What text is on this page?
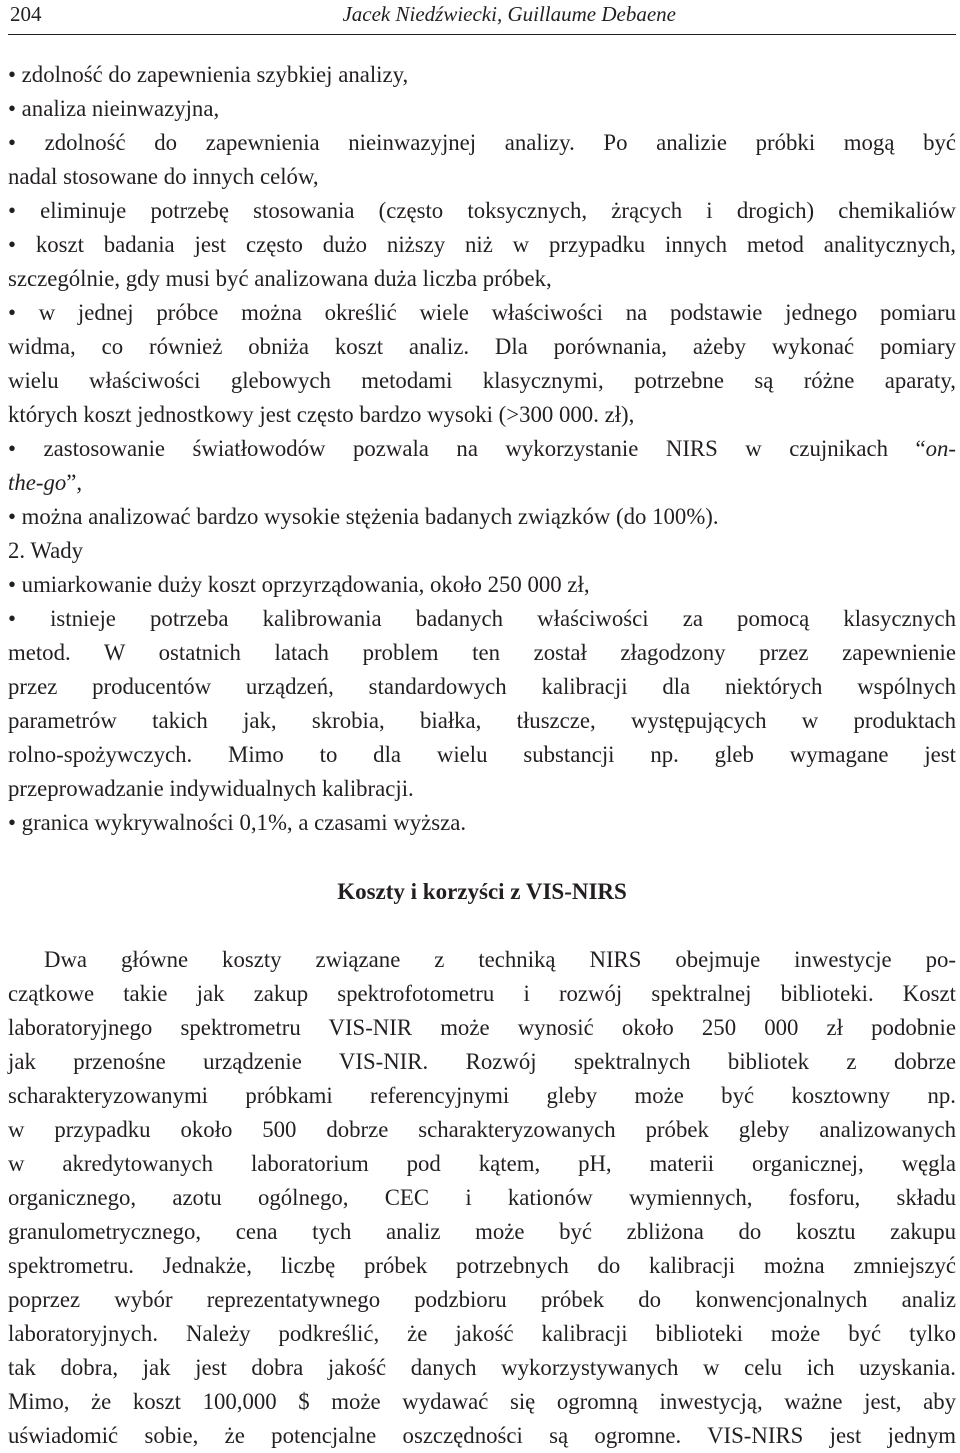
204	Jacek Niedźwiecki, Guillaume Debaene
• zdolność do zapewnienia szybkiej analizy,
• analiza nieinwazyjna,
• zdolność do zapewnienia nieinwazyjnej analizy. Po analizie próbki mogą być
nadal stosowane do innych celów,
• eliminuje potrzebę stosowania (często toksycznych, żrących i drogich) chemikaliów
• koszt badania jest często dużo niższy niż w przypadku innych metod analitycznych,
szczególnie, gdy musi być analizowana duża liczba próbek,
• w jednej próbce można określić wiele właściwości na podstawie jednego pomiaru
widma, co również obniża koszt analiz. Dla porównania, ażeby wykonać pomiary
wielu właściwości glebowych metodami klasycznymi, potrzebne są różne aparaty,
których koszt jednostkowy jest często bardzo wysoki (>300 000. zł),
• zastosowanie światłowodów pozwala na wykorzystanie NIRS w czujnikach “on-
the-go”,
• można analizować bardzo wysokie stężenia badanych związków (do 100%).
2. Wady
• umiarkowanie duży koszt oprzyrządowania, około 250 000 zł,
• istnieje potrzeba kalibrowania badanych właściwości za pomocą klasycznych
metod. W ostatnich latach problem ten został złagodzony przez zapewnienie
przez producentów urządzeń, standardowych kalibracji dla niektórych wspólnych
parametrów takich jak, skrobia, białka, tłuszcze, występujących w produktach
rolno-spożywczych. Mimo to dla wielu substancji np. gleb wymagane jest
przeprowadzanie indywidualnych kalibracji.
• granica wykrywalności 0,1%, a czasami wyższa.
Koszty i korzyści z VIS-NIRS
Dwa główne koszty związane z techniką NIRS obejmuje inwestycje po-
czątkowe takie jak zakup spektrofotometru i rozwój spektralnej biblioteki. Koszt
laboratoryjnego spektrometru VIS-NIR może wynosić około 250 000 zł podobnie
jak przenośne urządzenie VIS-NIR. Rozwój spektralnych bibliotek z dobrze
scharakteryzowanymi próbkami referencyjnymi gleby może być kosztowny np.
w przypadku około 500 dobrze scharakteryzowanych próbek gleby analizowanych
w akredytowanych laboratorium pod kątem, pH, materii organicznej, węgla
organicznego, azotu ogólnego, CEC i kationów wymiennych, fosforu, składu
granulometrycznego, cena tych analiz może być zbliżona do kosztu zakupu
spektrometru. Jednakże, liczbę próbek potrzebnych do kalibracji można zmniejszyć
poprzez wybór reprezentatywnego podzbioru próbek do konwencjonalnych analiz
laboratoryjnych. Należy podkreślić, że jakość kalibracji biblioteki może być tylko
tak dobra, jak jest dobra jakość danych wykorzystywanych w celu ich uzyskania.
Mimo, że koszt 100,000 $ może wydawać się ogromną inwestycją, ważne jest, aby
uświadomić sobie, że potencjalne oszczędności są ogromne. VIS-NIRS jest jednym
